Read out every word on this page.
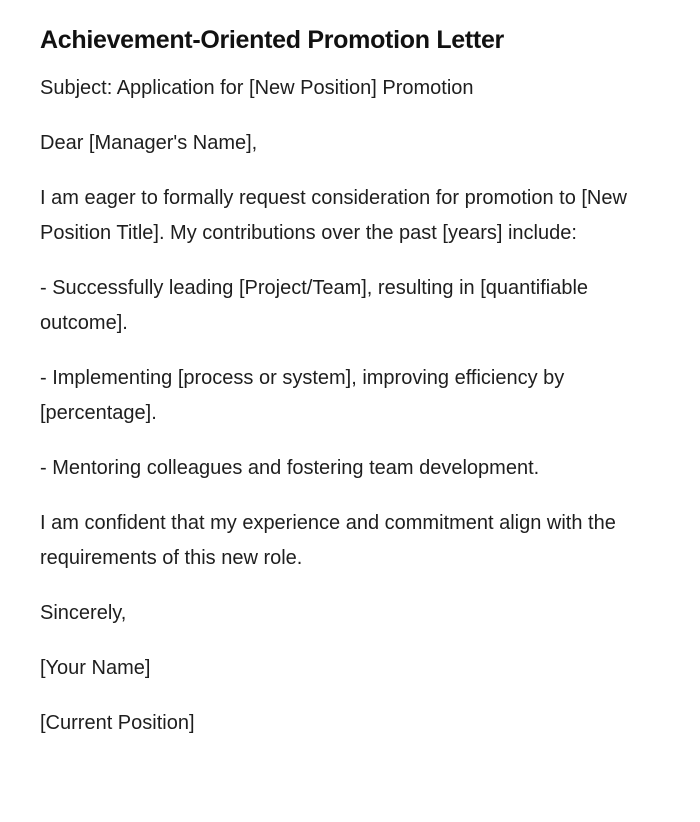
Achievement-Oriented Promotion Letter

Subject: Application for [New Position] Promotion

Dear [Manager's Name],

I am eager to formally request consideration for promotion to [New Position Title]. My contributions over the past [years] include:

- Successfully leading [Project/Team], resulting in [quantifiable outcome].

- Implementing [process or system], improving efficiency by [percentage].

- Mentoring colleagues and fostering team development.

I am confident that my experience and commitment align with the requirements of this new role.

Sincerely,

[Your Name]

[Current Position]
